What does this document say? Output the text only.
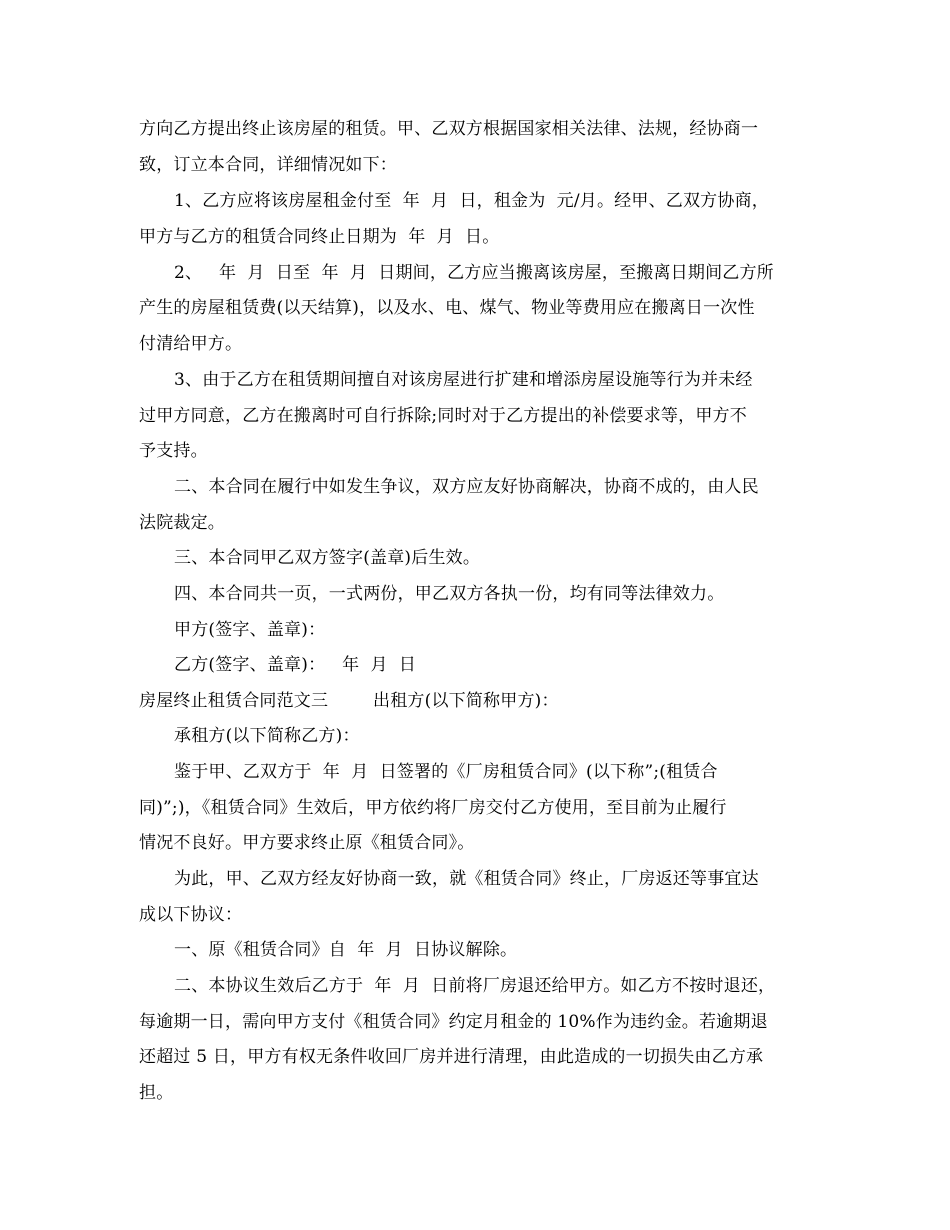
方向乙方提出终止该房屋的租赁。甲、乙双方根据国家相关法律、法规，经协商一
致，订立本合同，详细情况如下：
1、乙方应将该房屋租金付至  年  月  日，租金为  元/月。经甲、乙双方协商，
甲方与乙方的租赁合同终止日期为  年  月  日。
2、   年  月  日至  年  月  日期间，乙方应当搬离该房屋，至搬离日期间乙方所
产生的房屋租赁费(以天结算)，以及水、电、煤气、物业等费用应在搬离日一次性
付清给甲方。
3、由于乙方在租赁期间擅自对该房屋进行扩建和增添房屋设施等行为并未经
过甲方同意，乙方在搬离时可自行拆除;同时对于乙方提出的补偿要求等，甲方不
予支持。
二、本合同在履行中如发生争议，双方应友好协商解决，协商不成的，由人民
法院裁定。
三、本合同甲乙双方签字(盖章)后生效。
四、本合同共一页，一式两份，甲乙双方各执一份，均有同等法律效力。
甲方(签字、盖章)：
乙方(签字、盖章)：   年  月  日
房屋终止租赁合同范文三        出租方(以下简称甲方)：
承租方(以下简称乙方)：
鉴于甲、乙双方于  年  月  日签署的《厂房租赁合同》(以下称”;(租赁合
同)”;)，《租赁合同》生效后，甲方依约将厂房交付乙方使用，至目前为止履行
情况不良好。甲方要求终止原《租赁合同》。
为此，甲、乙双方经友好协商一致，就《租赁合同》终止，厂房返还等事宜达
成以下协议：
一、原《租赁合同》自  年  月  日协议解除。
二、本协议生效后乙方于  年  月  日前将厂房退还给甲方。如乙方不按时退还，
每逾期一日，需向甲方支付《租赁合同》约定月租金的 10%作为违约金。若逾期退
还超过 5 日，甲方有权无条件收回厂房并进行清理，由此造成的一切损失由乙方承
担。
